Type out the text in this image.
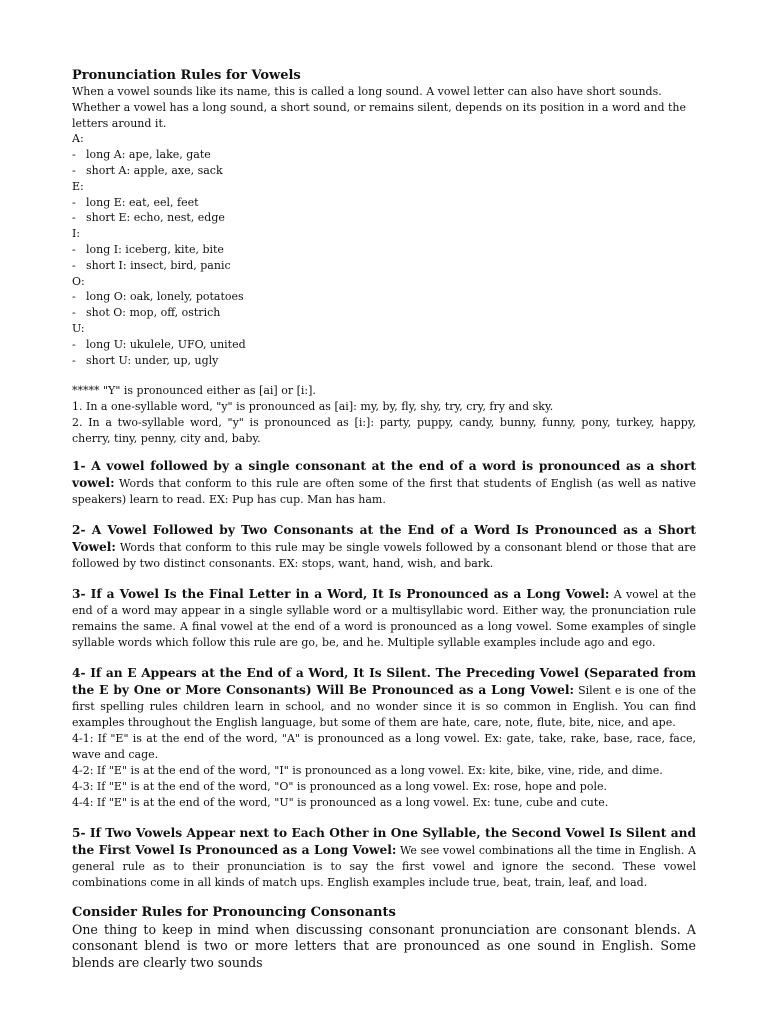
Pronunciation Rules for Vowels

When a vowel sounds like its name, this is called a long sound. A vowel letter can also have short sounds. Whether a vowel has a long sound, a short sound, or remains silent, depends on its position in a word and the letters around it.

A:
- long A: ape, lake, gate
- short A: apple, axe, sack
E:
- long E: eat, eel, feet
- short E: echo, nest, edge
I:
- long I: iceberg, kite, bite
- short I: insect, bird, panic
O:
- long O: oak, lonely, potatoes
- shot O: mop, off, ostrich
U:
- long U: ukulele, UFO, united
- short U: under, up, ugly
***** "Y" is pronounced either as [ai] or [i:].
1. In a one-syllable word, "y" is pronounced as [ai]: my, by, fly, shy, try, cry, fry and sky.

2. In a two-syllable word, "y" is pronounced as [i:]: party, puppy, candy, bunny, funny, pony, turkey, happy, cherry, tiny, penny, city and, baby.

1- A vowel followed by a single consonant at the end of a word is pronounced as a short vowel: Words that conform to this rule are often some of the first that students of English (as well as native speakers) learn to read. EX: Pup has cup. Man has ham.

2- A Vowel Followed by Two Consonants at the End of a Word Is Pronounced as a Short Vowel: Words that conform to this rule may be single vowels followed by a consonant blend or those that are followed by two distinct consonants. EX: stops, want, hand, wish, and bark.

3- If a Vowel Is the Final Letter in a Word, It Is Pronounced as a Long Vowel: A vowel at the end of a word may appear in a single syllable word or a multisyllabic word. Either way, the pronunciation rule remains the same. A final vowel at the end of a word is pronounced as a long vowel. Some examples of single syllable words which follow this rule are go, be, and he. Multiple syllable examples include ago and ego.

4- If an E Appears at the End of a Word, It Is Silent. The Preceding Vowel (Separated from the E by One or More Consonants) Will Be Pronounced as a Long Vowel: Silent e is one of the first spelling rules children learn in school, and no wonder since it is so common in English. You can find examples throughout the English language, but some of them are hate, care, note, flute, bite, nice, and ape.

4-1: If "E" is at the end of the word, "A" is pronounced as a long vowel. Ex: gate, take, rake, base, race, face, wave and cage.

4-2: If "E" is at the end of the word, "I" is pronounced as a long vowel. Ex: kite, bike, vine, ride, and dime.

4-3: If "E" is at the end of the word, "O" is pronounced as a long vowel. Ex: rose, hope and pole.

4-4: If "E" is at the end of the word, "U" is pronounced as a long vowel. Ex: tune, cube and cute.

5- If Two Vowels Appear next to Each Other in One Syllable, the Second Vowel Is Silent and the First Vowel Is Pronounced as a Long Vowel: We see vowel combinations all the time in English. A general rule as to their pronunciation is to say the first vowel and ignore the second. These vowel combinations come in all kinds of match ups. English examples include true, beat, train, leaf, and load.

Consider Rules for Pronouncing Consonants

One thing to keep in mind when discussing consonant pronunciation are consonant blends. A consonant blend is two or more letters that are pronounced as one sound in English. Some blends are clearly two sounds
